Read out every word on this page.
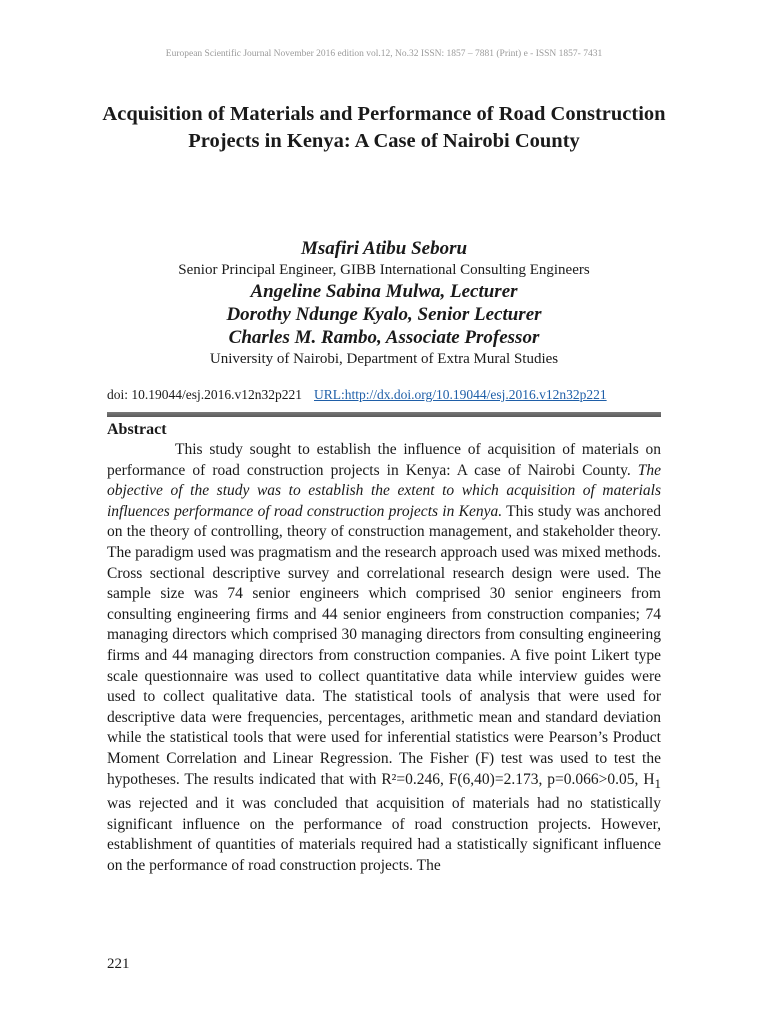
European Scientific Journal November 2016 edition vol.12, No.32 ISSN: 1857 – 7881 (Print) e - ISSN 1857- 7431
Acquisition of Materials and Performance of Road Construction Projects in Kenya: A Case of Nairobi County
Msafiri Atibu Seboru
Senior Principal Engineer, GIBB International Consulting Engineers
Angeline Sabina Mulwa, Lecturer
Dorothy Ndunge Kyalo, Senior Lecturer
Charles M. Rambo, Associate Professor
University of Nairobi, Department of Extra Mural Studies
doi: 10.19044/esj.2016.v12n32p221 URL:http://dx.doi.org/10.19044/esj.2016.v12n32p221
Abstract
This study sought to establish the influence of acquisition of materials on performance of road construction projects in Kenya: A case of Nairobi County. The objective of the study was to establish the extent to which acquisition of materials influences performance of road construction projects in Kenya. This study was anchored on the theory of controlling, theory of construction management, and stakeholder theory. The paradigm used was pragmatism and the research approach used was mixed methods. Cross sectional descriptive survey and correlational research design were used. The sample size was 74 senior engineers which comprised 30 senior engineers from consulting engineering firms and 44 senior engineers from construction companies; 74 managing directors which comprised 30 managing directors from consulting engineering firms and 44 managing directors from construction companies. A five point Likert type scale questionnaire was used to collect quantitative data while interview guides were used to collect qualitative data. The statistical tools of analysis that were used for descriptive data were frequencies, percentages, arithmetic mean and standard deviation while the statistical tools that were used for inferential statistics were Pearson’s Product Moment Correlation and Linear Regression. The Fisher (F) test was used to test the hypotheses. The results indicated that with R²=0.246, F(6,40)=2.173, p=0.066>0.05, $H_1$ was rejected and it was concluded that acquisition of materials had no statistically significant influence on the performance of road construction projects. However, establishment of quantities of materials required had a statistically significant influence on the performance of road construction projects. The
221
